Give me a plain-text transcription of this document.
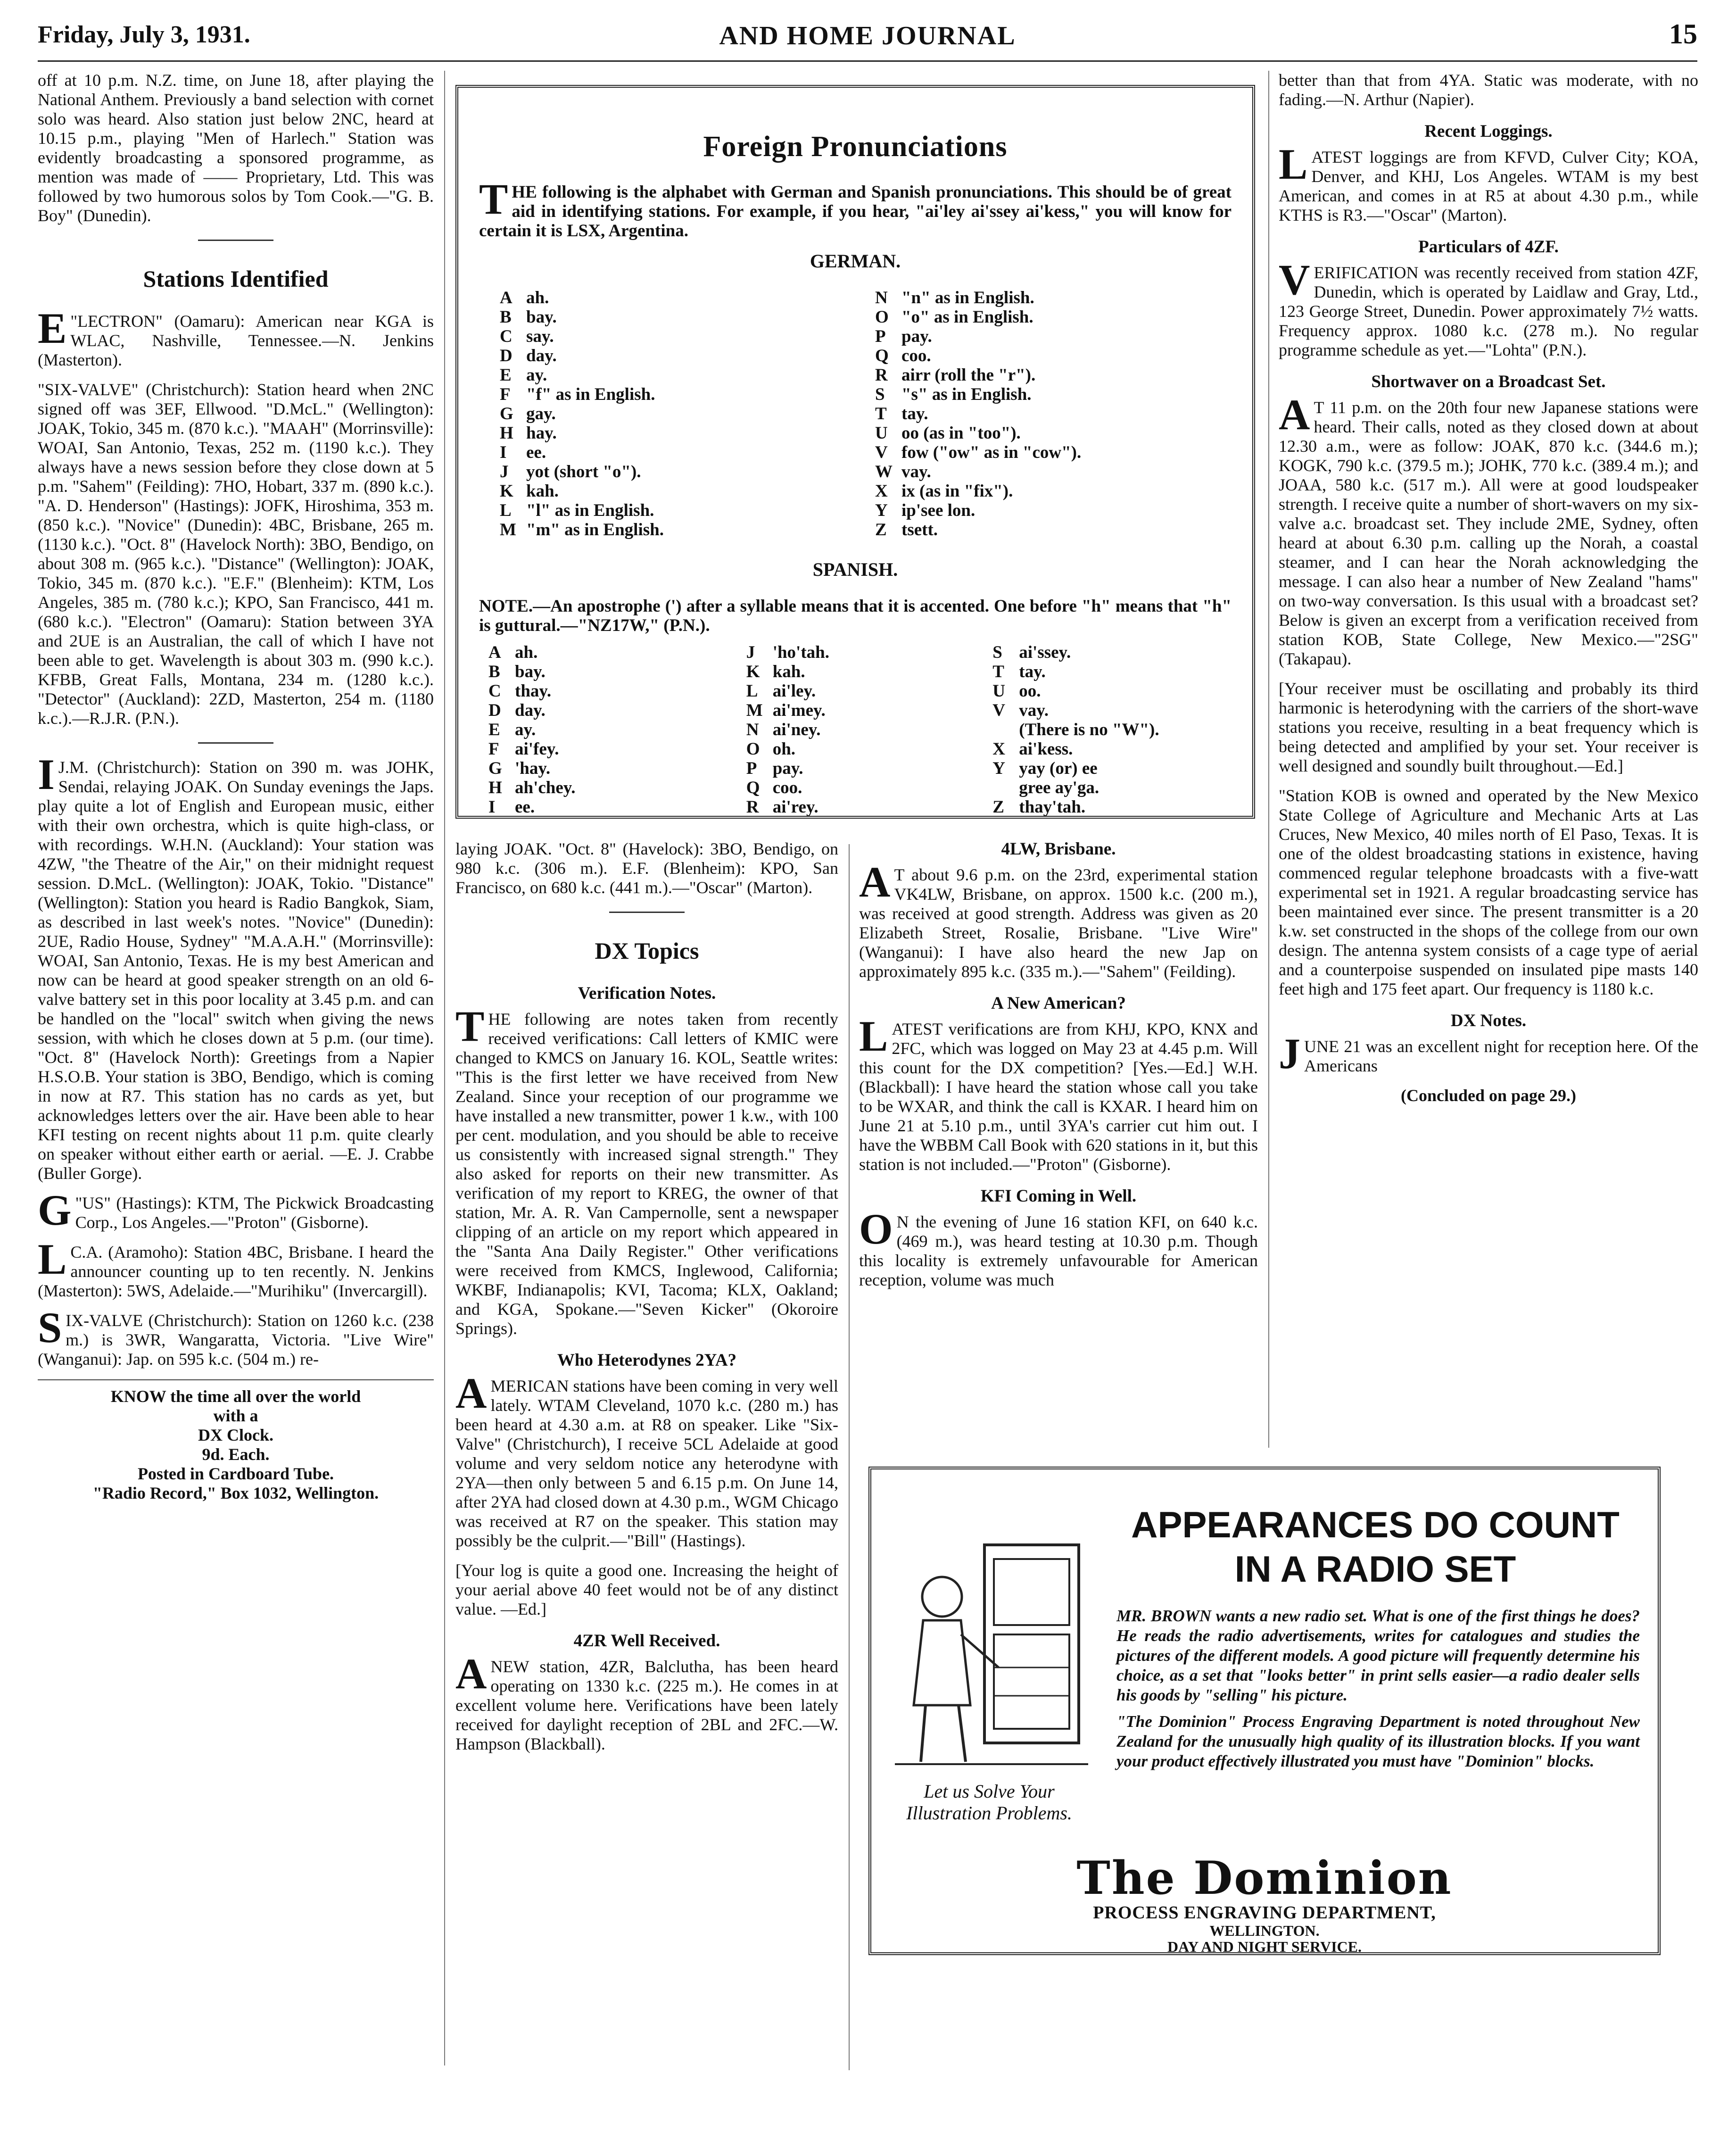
Friday, July 3, 1931.	AND HOME JOURNAL	15

off at 10 p.m. N.Z. time, on June 18, after playing the National Anthem. Previously a band selection with cornet solo was heard. Also station just below 2NC, heard at 10.15 p.m., playing "Men of Harlech." Station was evidently broadcasting a sponsored programme, as mention was made of —— Proprietary, Ltd. This was followed by two humorous solos by Tom Cook.—"G. B. Boy" (Dunedin).

Stations Identified

"
E LECTRON" (Oamaru): American near KGA is WLAC, Nashville, Tennessee.—N. Jenkins (Masterton).

"SIX-VALVE" (Christchurch): Station heard when 2NC signed off was 3EF, Ellwood. "D.McL." (Wellington): JOAK, Tokio, 345 m. (870 k.c.). "MAAH" (Morrinsville): WOAI, San Antonio, Texas, 252 m. (1190 k.c.). They always have a news session before they close down at 5 p.m. "Sahem" (Feilding): 7HO, Hobart, 337 m. (890 k.c.). "A. D. Henderson" (Hastings): JOFK, Hiroshima, 353 m. (850 k.c.). "Novice" (Dunedin): 4BC, Brisbane, 265 m. (1130 k.c.). "Oct. 8" (Havelock North): 3BO, Bendigo, on about 308 m. (965 k.c.). "Distance" (Wellington): JOAK, Tokio, 345 m. (870 k.c.). "E.F." (Blenheim): KTM, Los Angeles, 385 m. (780 k.c.); KPO, San Francisco, 441 m. (680 k.c.). "Electron" (Oamaru): Station between 3YA and 2UE is an Australian, the call of which I have not been able to get. Wavelength is about 303 m. (990 k.c.). KFBB, Great Falls, Montana, 234 m. (1280 k.c.). "Detector" (Auckland): 2ZD, Masterton, 254 m. (1180 k.c.).—R.J.R. (P.N.).

I J.M. (Christchurch): Station on 390 m. was JOHK, Sendai, relaying JOAK. On Sunday evenings the Japs. play quite a lot of English and European music, either with their own orchestra, which is quite high-class, or with recordings. W.H.N. (Auckland): Your station was 4ZW, "the Theatre of the Air," on their midnight request session. D.McL. (Wellington): JOAK, Tokio. "Distance" (Wellington): Station you heard is Radio Bangkok, Siam, as described in last week's notes. "Novice" (Dunedin): 2UE, Radio House, Sydney" "M.A.A.H." (Morrinsville): WOAI, San Antonio, Texas. He is my best American and now can be heard at good speaker strength on an old 6-valve battery set in this poor locality at 3.45 p.m. and can be handled on the "local" switch when giving the news session, with which he closes down at 5 p.m. (our time). "Oct. 8" (Havelock North): Greetings from a Napier H.S.O.B. Your station is 3BO, Bendigo, which is coming in now at R7. This station has no cards as yet, but acknowledges letters over the air. Have been able to hear KFI testing on recent nights about 11 p.m. quite clearly on speaker without either earth or aerial. —E. J. Crabbe (Buller Gorge).

"
G US" (Hastings): KTM, The Pickwick Broadcasting Corp., Los Angeles.—"Proton" (Gisborne).

L C.A. (Aramoho): Station 4BC, Brisbane. I heard the announcer counting up to ten recently. N. Jenkins (Masterton): 5WS, Adelaide.—"Murihiku" (Invercargill).

SIX-VALVE (Christchurch): Station on 1260 k.c. (238 m.) is 3WR, Wangaratta, Victoria. "Live Wire" (Wanganui): Jap. on 595 k.c. (504 m.) re-

KNOW the time all over the world
with a
DX Clock.
9d. Each.
Posted in Cardboard Tube.
"Radio Record," Box 1032, Wellington.
Foreign Pronunciations

THE following is the alphabet with German and Spanish pronunciations. This should be of great aid in identifying stations. For example, if you hear, "ai'ley ai'ssey ai'kess," you will know for certain it is LSX, Argentina.

GERMAN.
A ah.
B bay.
C say.
D day.
E ay.
F "f" as in English.
G gay.
H hay.
I	ee.
J	yot (short "o").
K kah.
L "l" as in English.
M "m" as in English.
N "n" as in English.
O "o" as in English.
P pay.
Q coo.
R airr (roll the "r").
S "s" as in English.
T tay.
U oo (as in "too").
V fow ("ow" as in "cow").
W vay.
X ix (as in "fix").
Y ip'see lon.
Z tsett.
SPANISH.

NOTE.—An apostrophe (') after a syllable means that it is accented. One before "h" means that "h" is guttural.—"NZ17W," (P.N.).

A ah.
B bay.
C thay.
D day.
E ay.
F ai'fey.
G 'hay.
H ah'chey.
I	ee.
J	'ho'tah.
K kah.
L ai'ley.
M ai'mey.
N ai'ney.
O oh.
P pay.
Q coo.
R ai'rey.
S ai'ssey.
T tay.
U oo.
V vay.
(There is no "W").
X ai'kess.
Y yay (or) ee
gree ay'ga.
Z thay'tah.

laying JOAK. "Oct. 8" (Havelock): 3BO, Bendigo, on 980 k.c. (306 m.). E.F. (Blenheim): KPO, San Francisco, on 680 k.c. (441 m.).—"Oscar" (Marton).

DX Topics
Verification Notes.

THE following are notes taken from recently received verifications: Call letters of KMIC were changed to KMCS on January 16. KOL, Seattle writes: "This is the first letter we have received from New Zealand. Since your reception of our programme we have installed a new transmitter, power 1 k.w., with 100 per cent. modulation, and you should be able to receive us consistently with increased signal strength." They also asked for reports on their new transmitter. As verification of my report to KREG, the owner of that station, Mr. A. R. Van Campernolle, sent a newspaper clipping of an article on my report which appeared in the "Santa Ana Daily Register." Other verifications were received from KMCS, Inglewood, California; WKBF, Indianapolis; KVI, Tacoma; KLX, Oakland; and KGA, Spokane.—"Seven Kicker" (Okoroire Springs).

Who Heterodynes 2YA?

AMERICAN stations have been coming in very well lately. WTAM Cleveland, 1070 k.c. (280 m.) has been heard at 4.30 a.m. at R8 on speaker. Like "Six-Valve" (Christchurch), I receive 5CL Adelaide at good volume and very seldom notice any heterodyne with 2YA—then only between 5 and 6.15 p.m. On June 14, after 2YA had closed down at 4.30 p.m., WGM Chicago was received at R7 on the speaker. This station may possibly be the culprit.—"Bill" (Hastings).

[Your log is quite a good one. Increasing the height of your aerial above 40 feet would not be of any distinct value. —Ed.]

4ZR Well Received.

ANEW station, 4ZR, Balclutha, has been heard operating on 1330 k.c. (225 m.). He comes in at excellent volume here. Verifications have been lately received for daylight reception of 2BL and 2FC.—W. Hampson (Blackball).

4LW, Brisbane.

A T about 9.6 p.m. on the 23rd, experimental station VK4LW, Brisbane, on approx. 1500 k.c. (200 m.), was received at good strength. Address was given as 20 Elizabeth Street, Rosalie, Brisbane. "Live Wire" (Wanganui): I have also heard the new Jap on approximately 895 k.c. (335 m.).—"Sahem" (Feilding).

A New American?

LATEST verifications are from KHJ, KPO, KNX and 2FC, which was logged on May 23 at 4.45 p.m. Will this count for the DX competition? [Yes.—Ed.] W.H. (Blackball): I have heard the station whose call you take to be WXAR, and think the call is KXAR. I heard him on June 21 at 5.10 p.m., until 3YA's carrier cut him out. I have the WBBM Call Book with 620 stations in it, but this station is not included.—"Proton" (Gisborne).

KFI Coming in Well.

O N the evening of June 16 station KFI, on 640 k.c. (469 m.), was heard testing at 10.30 p.m. Though this locality is extremely unfavourable for American reception, volume was much

better than that from 4YA. Static was moderate, with no fading.—N. Arthur (Napier).

Recent Loggings.

LATEST loggings are from KFVD, Culver City; KOA, Denver, and KHJ, Los Angeles. WTAM is my best American, and comes in at R5 at about 4.30 p.m., while KTHS is R3.—"Oscar" (Marton).

Particulars of 4ZF.

VERIFICATION was recently received from station 4ZF, Dunedin, which is operated by Laidlaw and Gray, Ltd., 123 George Street, Dunedin. Power approximately 7½ watts. Frequency approx. 1080 k.c. (278 m.). No regular programme schedule as yet.—"Lohta" (P.N.).

Shortwaver on a Broadcast Set.

A T 11 p.m. on the 20th four new Japanese stations were heard. Their calls, noted as they closed down at about 12.30 a.m., were as follow: JOAK, 870 k.c. (344.6 m.); KOGK, 790 k.c. (379.5 m.); JOHK, 770 k.c. (389.4 m.); and JOAA, 580 k.c. (517 m.). All were at good loudspeaker strength. I receive quite a number of short-wavers on my six-valve a.c. broadcast set. They include 2ME, Sydney, often heard at about 6.30 p.m. calling up the Norah, a coastal steamer, and I can hear the Norah acknowledging the message. I can also hear a number of New Zealand "hams" on two-way conversation. Is this usual with a broadcast set? Below is given an excerpt from a verification received from station KOB, State College, New Mexico.—"2SG" (Takapau).

[Your receiver must be oscillating and probably its third harmonic is heterodyning with the carriers of the short-wave stations you receive, resulting in a beat frequency which is being detected and amplified by your set. Your receiver is well designed and soundly built throughout.—Ed.]

"Station KOB is owned and operated by the New Mexico State College of Agriculture and Mechanic Arts at Las Cruces, New Mexico, 40 miles north of El Paso, Texas. It is one of the oldest broadcasting stations in existence, having commenced regular telephone broadcasts with a five-watt experimental set in 1921. A regular broadcasting service has been maintained ever since. The present transmitter is a 20 k.w. set constructed in the shops of the college from our own design. The antenna system consists of a cage type of aerial and a counterpoise suspended on insulated pipe masts 140 feet high and 175 feet apart. Our frequency is 1180 k.c.

DX Notes.

JUNE 21 was an excellent night for reception here. Of the Americans

(Concluded on page 29.)
APPEARANCES DO COUNT
IN A RADIO SET
Let us Solve Your Illustration Problems.

MR. BROWN wants a new radio set. What is one of the first things he does? He reads the radio advertisements, writes for catalogues and studies the pictures of the different models. A good picture will frequently determine his choice, as a set that "looks better" in print sells easier—a radio dealer sells his goods by "selling" his picture.

"The Dominion" Process Engraving Department is noted throughout New Zealand for the unusually high quality of its illustration blocks. If you want your product effectively illustrated you must have "Dominion" blocks.

The Dominion
PROCESS ENGRAVING DEPARTMENT,
WELLINGTON.
DAY AND NIGHT SERVICE.
